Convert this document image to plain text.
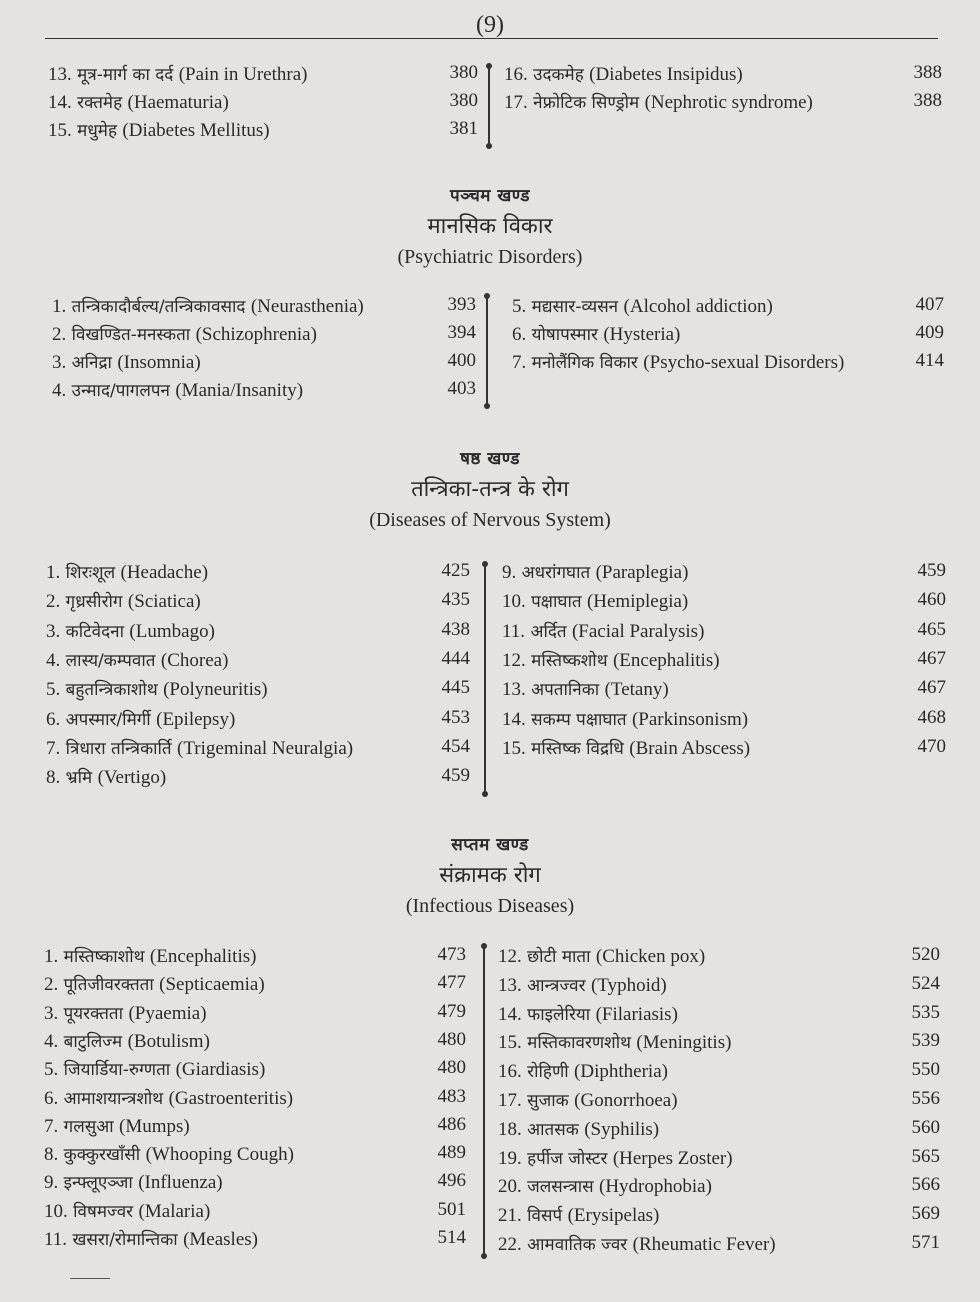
(9)
13. मूत्र-मार्ग का दर्द (Pain in Urethra)	380
14. रक्तमेह (Haematuria)	380
15. मधुमेह (Diabetes Mellitus)	381
16. उदकमेह (Diabetes Insipidus)	388
17. नेफ्रोटिक सिण्ड्रोम (Nephrotic syndrome)	388
पञ्चम खण्ड
मानसिक विकार
(Psychiatric Disorders)
1. तन्त्रिकादौर्बल्य/तन्त्रिकावसाद (Neurasthenia)	393
2. विखण्डित-मनस्कता (Schizophrenia)	394
3. अनिद्रा (Insomnia)	400
4. उन्माद/पागलपन (Mania/Insanity)	403
5. मद्यसार-व्यसन (Alcohol addiction)	407
6. योषापस्मार (Hysteria)	409
7. मनोलैंगिक विकार (Psycho-sexual Disorders)	414
षष्ठ खण्ड
तन्त्रिका-तन्त्र के रोग
(Diseases of Nervous System)
1. शिरःशूल (Headache)	425
2. गृध्रसीरोग (Sciatica)	435
3. कटिवेदना (Lumbago)	438
4. लास्य/कम्पवात (Chorea)	444
5. बहुतन्त्रिकाशोथ (Polyneuritis)	445
6. अपस्मार/मिर्गी (Epilepsy)	453
7. त्रिधारा तन्त्रिकार्ति (Trigeminal Neuralgia)	454
8. भ्रमि (Vertigo)	459
9. अधरांगघात (Paraplegia)	459
10. पक्षाघात (Hemiplegia)	460
11. अर्दित (Facial Paralysis)	465
12. मस्तिष्कशोथ (Encephalitis)	467
13. अपतानिका (Tetany)	467
14. सकम्प पक्षाघात (Parkinsonism)	468
15. मस्तिष्क विद्रधि (Brain Abscess)	470
सप्तम खण्ड
संक्रामक रोग
(Infectious Diseases)
1. मस्तिष्काशोथ (Encephalitis)	473
2. पूतिजीवरक्तता (Septicaemia)	477
3. पूयरक्तता (Pyaemia)	479
4. बाटुलिज्म (Botulism)	480
5. जियार्डिया-रुग्णता (Giardiasis)	480
6. आमाशयान्त्रशोथ (Gastroenteritis)	483
7. गलसुआ (Mumps)	486
8. कुक्कुरखाँसी (Whooping Cough)	489
9. इन्फ्लूएञ्जा (Influenza)	496
10. विषमज्वर (Malaria)	501
11. खसरा/रोमान्तिका (Measles)	514
12. छोटी माता (Chicken pox)	520
13. आन्त्रज्वर (Typhoid)	524
14. फाइलेरिया (Filariasis)	535
15. मस्तिकावरणशोथ (Meningitis)	539
16. रोहिणी (Diphtheria)	550
17. सुजाक (Gonorrhoea)	556
18. आतसक (Syphilis)	560
19. हर्पीज जोस्टर (Herpes Zoster)	565
20. जलसन्त्रास (Hydrophobia)	566
21. विसर्प (Erysipelas)	569
22. आमवातिक ज्वर (Rheumatic Fever)	571
